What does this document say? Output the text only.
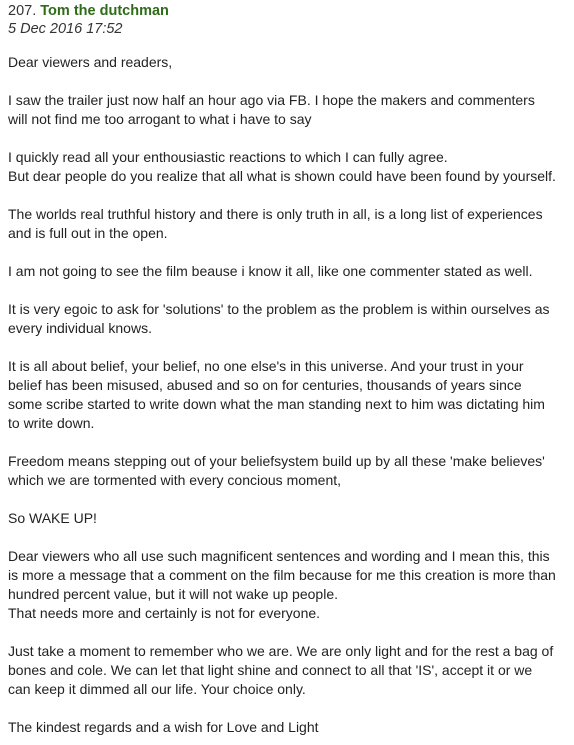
207. Tom the dutchman
5 Dec 2016 17:52

Dear viewers and readers,

I saw the trailer just now half an hour ago via FB. I hope the makers and commenters
will not find me too arrogant to what i have to say

I quickly read all your enthousiastic reactions to which I can fully agree.
But dear people do you realize that all what is shown could have been found by yourself.

The worlds real truthful history and there is only truth in all, is a long list of experiences
and is full out in the open.

I am not going to see the film beause i know it all, like one commenter stated as well.

It is very egoic to ask for 'solutions' to the problem as the problem is within ourselves as
every individual knows.

It is all about belief, your belief, no one else's in this universe. And your trust in your
belief has been misused, abused and so on for centuries, thousands of years since
some scribe started to write down what the man standing next to him was dictating him
to write down.

Freedom means stepping out of your beliefsystem build up by all these 'make believes'
which we are tormented with every concious moment,

So WAKE UP!

Dear viewers who all use such magnificent sentences and wording and I mean this, this
is more a message that a comment on the film because for me this creation is more than
hundred percent value, but it will not wake up people.
That needs more and certainly is not for everyone.

Just take a moment to remember who we are. We are only light and for the rest a bag of
bones and cole. We can let that light shine and connect to all that 'IS', accept it or we
can keep it dimmed all our life. Your choice only.

The kindest regards and a wish for Love and Light
